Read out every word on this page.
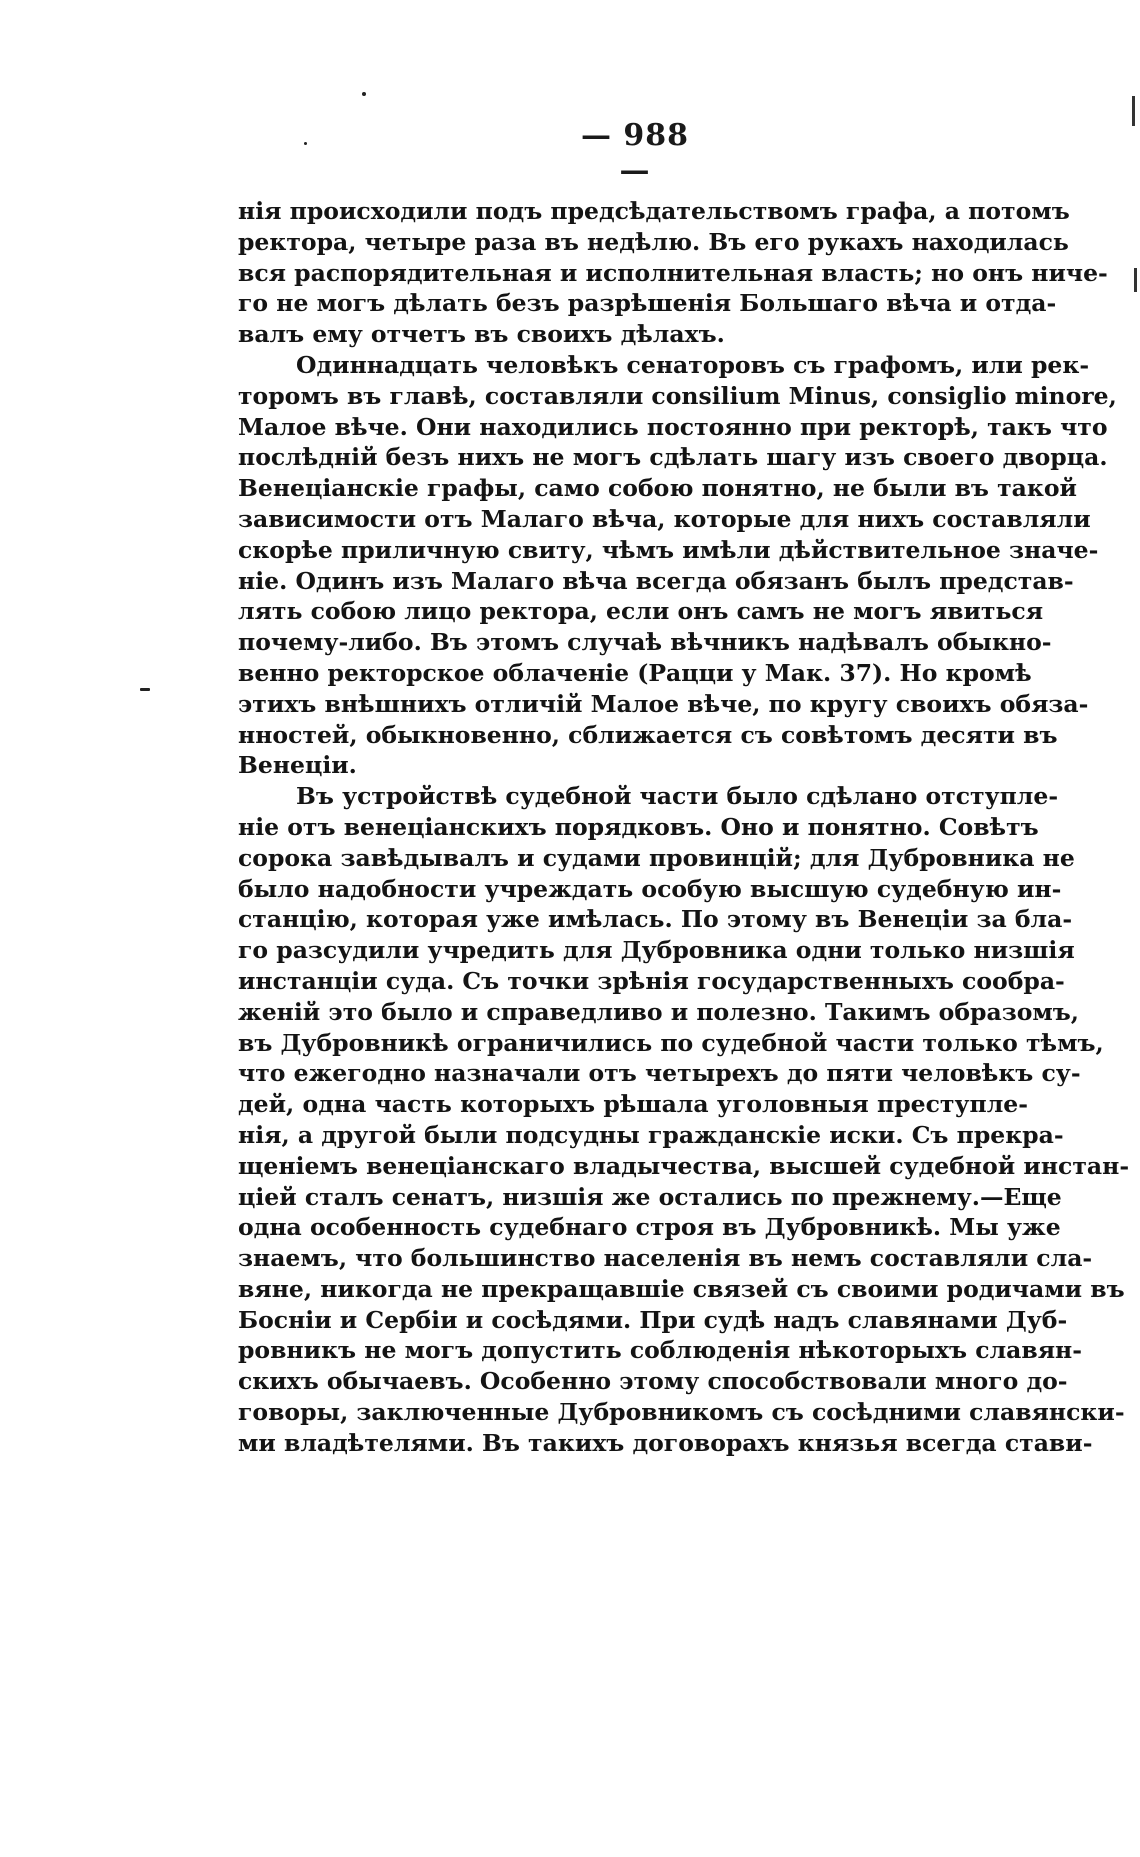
— 988 —
нія происходили подъ предсѣдательствомъ графа, а потомъ
ректора, четыре раза въ недѣлю. Въ его рукахъ находилась
вся распорядительная и исполнительная власть; но онъ ниче-
го не могъ дѣлать безъ разрѣшенія Большаго вѣча и отда-
валъ ему отчетъ въ своихъ дѣлахъ.
Одиннадцать человѣкъ сенаторовъ съ графомъ, или рек-
торомъ въ главѣ, составляли consilium Minus, consiglio minore,
Малое вѣче. Они находились постоянно при ректорѣ, такъ что
послѣдній безъ нихъ не могъ сдѣлать шагу изъ своего дворца.
Венеціанскіе графы, само собою понятно, не были въ такой
зависимости отъ Малаго вѣча, которые для нихъ составляли
скорѣе приличную свиту, чѣмъ имѣли дѣйствительное значе-
ніе. Одинъ изъ Малаго вѣча всегда обязанъ былъ представ-
лять собою лицо ректора, если онъ самъ не могъ явиться
почему-либо. Въ этомъ случаѣ вѣчникъ надѣвалъ обыкно-
венно ректорское облаченіе (Рацци у Мак. 37). Но кромѣ
этихъ внѣшнихъ отличій Малое вѣче, по кругу своихъ обяза-
нностей, обыкновенно, сближается съ совѣтомъ десяти въ
Венеціи.
Въ устройствѣ судебной части было сдѣлано отступле-
ніе отъ венеціанскихъ порядковъ. Оно и понятно. Совѣтъ
сорока завѣдывалъ и судами провинцій; для Дубровника не
было надобности учреждать особую высшую судебную ин-
станцію, которая уже имѣлась. По этому въ Венеціи за бла-
го разсудили учредить для Дубровника одни только низшія
инстанціи суда. Съ точки зрѣнія государственныхъ сообра-
женій это было и справедливо и полезно. Такимъ образомъ,
въ Дубровникѣ ограничились по судебной части только тѣмъ,
что ежегодно назначали отъ четырехъ до пяти человѣкъ су-
дей, одна часть которыхъ рѣшала уголовныя преступле-
нія, а другой были подсудны гражданскіе иски. Съ прекра-
щеніемъ венеціанскаго владычества, высшей судебной инстан-
ціей сталъ сенатъ, низшія же остались по прежнему.—Еще
одна особенность судебнаго строя въ Дубровникѣ. Мы уже
знаемъ, что большинство населенія въ немъ составляли сла-
вяне, никогда не прекращавшіе связей съ своими родичами въ
Босніи и Сербіи и сосѣдями. При судѣ надъ славянами Дуб-
ровникъ не могъ допустить соблюденія нѣкоторыхъ славян-
скихъ обычаевъ. Особенно этому способствовали много до-
говоры, заключенные Дубровникомъ съ сосѣдними славянски-
ми владѣтелями. Въ такихъ договорахъ князья всегда стави-
